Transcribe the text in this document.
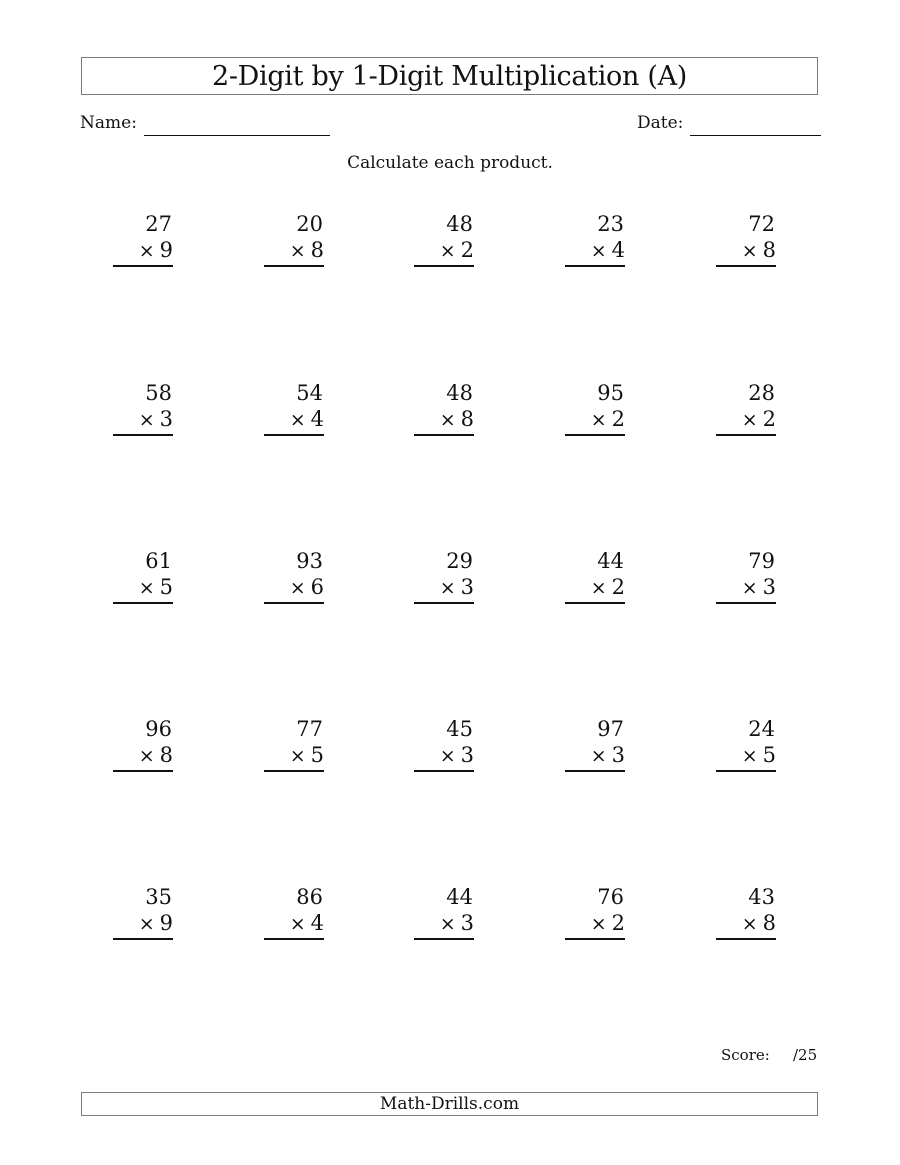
2-Digit by 1-Digit Multiplication (A)
Name:	Date:
Calculate each product.
27
× 9
20
× 8
48
× 2
23
× 4
72
× 8
58
× 3
54
× 4
48
× 8
95
× 2
28
× 2
61
× 5
93
× 6
29
× 3
44
× 2
79
× 3
96
× 8
77
× 5
45
× 3
97
× 3
24
× 5
35
× 9
86
× 4
44
× 3
76
× 2
43
× 8
Score: /25
Math-Drills.com
